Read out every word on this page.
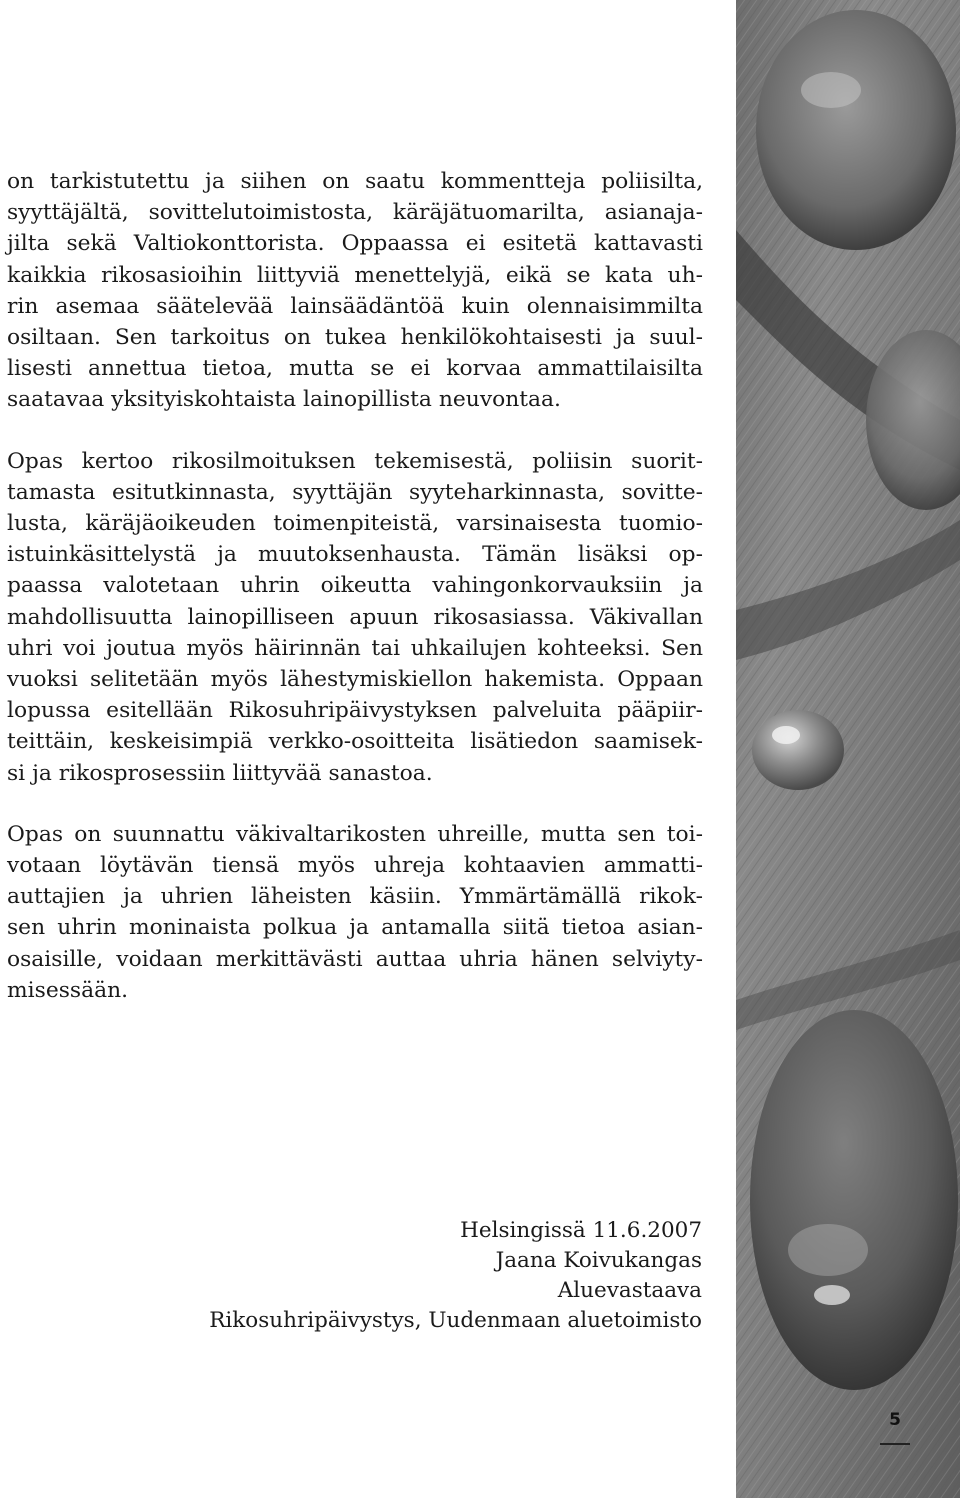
on tarkistutettu ja siihen on saatu kommentteja poliisilta,
syyttäjältä, sovittelutoimistosta, käräjätuomarilta, asianaja-
jilta sekä Valtiokonttorista. Oppaassa ei esitetä kattavasti
kaikkia rikosasioihin liittyviä menettelyjä, eikä se kata uh-
rin asemaa säätelevää lainsäädäntöä kuin olennaisimmilta
osiltaan. Sen tarkoitus on tukea henkilökohtaisesti ja suul-
lisesti annettua tietoa, mutta se ei korvaa ammattilaisilta
saatavaa yksityiskohtaista lainopillista neuvontaa.
Opas kertoo rikosilmoituksen tekemisestä, poliisin suorit-
tamasta esitutkinnasta, syyttäjän syyteharkinnasta, sovitte-
lusta, käräjäoikeuden toimenpiteistä, varsinaisesta tuomio-
istuinkäsittelystä ja muutoksenhausta. Tämän lisäksi op-
paassa valotetaan uhrin oikeutta vahingonkorvauksiin ja
mahdollisuutta lainopilliseen apuun rikosasiassa. Väkivallan
uhri voi joutua myös häirinnän tai uhkailujen kohteeksi. Sen
vuoksi selitetään myös lähestymiskiellon hakemista. Oppaan
lopussa esitellään Rikosuhripäivystyksen palveluita pääpiir-
teittäin, keskeisimpiä verkko-osoitteita lisätiedon saamisek-
si ja rikosprosessiin liittyvää sanastoa.
Opas on suunnattu väkivaltarikosten uhreille, mutta sen toi-
votaan löytävän tiensä myös uhreja kohtaavien ammatti-
auttajien ja uhrien läheisten käsiin. Ymmärtämällä rikok-
sen uhrin moninaista polkua ja antamalla siitä tietoa asian-
osaisille, voidaan merkittävästi auttaa uhria hänen selviyty-
misessään.
Helsingissä 11.6.2007
Jaana Koivukangas
Aluevastaava
Rikosuhripäivystys, Uudenmaan aluetoimisto
5
